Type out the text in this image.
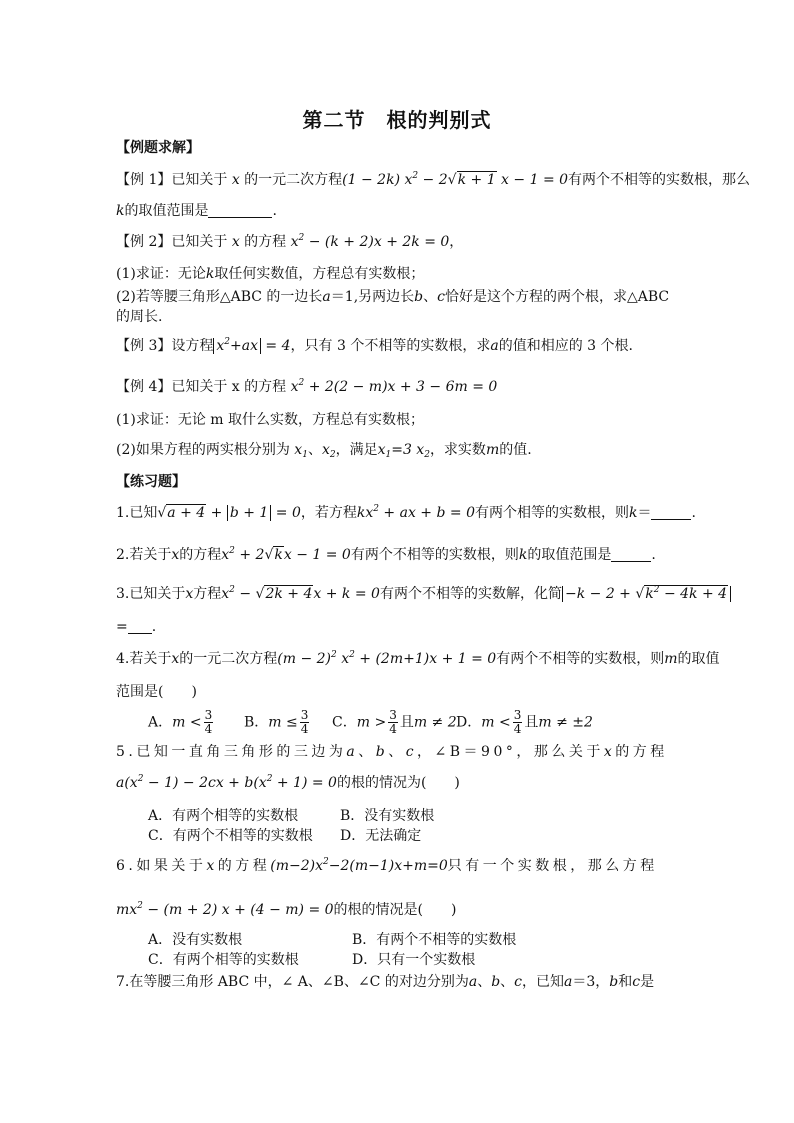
第二节　根的判别式
【例题求解】
【例 1】已知关于 x 的一元二次方程(1 − 2k) $x^2 - 2√k + 1$ x − 1 = 0有两个不相等的实数根，那么
k的取值范围是	.
【例 2】已知关于 x 的方程 $x^2 - (k + 2)x + 2k = 0$，
(1)求证：无论k取任何实数值，方程总有实数根；
(2)若等腰三角形△ABC 的一边长a＝1,另两边长b、c恰好是这个方程的两个根，求△ABC
的周长.
【例 3】设方程 $x^2+ax = 4$，只有 3 个不相等的实数根，求a的值和相应的 3 个根.
【例 4】已知关于 x 的方程 $x^2 + 2(2 - m)x + 3 - 6m = 0$
(1)求证：无论 m 取什么实数，方程总有实数根；
(2)如果方程的两实根分别为 $x_1$、$x_2$，满足$x_1=3$ $x_2$，求实数m的值.
【练习题】
1.已知√a + 4 + b + 1 = 0，若方程$kx^2$ + ax + b = 0有两个相等的实数根，则k＝	.
2.若关于x的方程$x^2 + 2√kx - 1 = 0$有两个不相等的实数根，则k的取值范围是	.
3.已知关于x方程$x^2 - √2k + 4x + k = 0$有两个不相等的实数解，化简 $-k - 2 + √k^2 - 4k + 4$
= .
4.若关于x的一元二次方程$(m - 2)^2$ $x^2 + (2m+1)x + 1 = 0$有两个不相等的实数根，则m的取值
范围是(　　)
A．$m < \frac{3}{4}$ B．$m \le \frac{3}{4}$ C．$m > \frac{3}{4}$ 且m ≠ 2 D．$m < \frac{3}{4}$ 且m ≠ ±2
5.已知一直角三角形的三边为a、b、c，∠B＝90°，那么关于x的方程
$a(x^2 - 1) - 2cx + b(x^2 + 1) = 0$的根的情况为(　　)
A．有两个相等的实数根	B．没有实数根
C．有两个不相等的实数根 D．无法确定
6.如果关于x的方程$(m-2)x^2-2(m-1)x+m=0$只有一个实数根，那么方程
$mx^2 - (m + 2) x + (4 - m) = 0$的根的情况是(　　)
A．没有实数根	B．有两个不相等的实数根
C．有两个相等的实数根	D．只有一个实数根
7.在等腰三角形 ABC 中，∠ A、∠B、∠C 的对边分别为a、b、c，已知a＝3，b和c是
